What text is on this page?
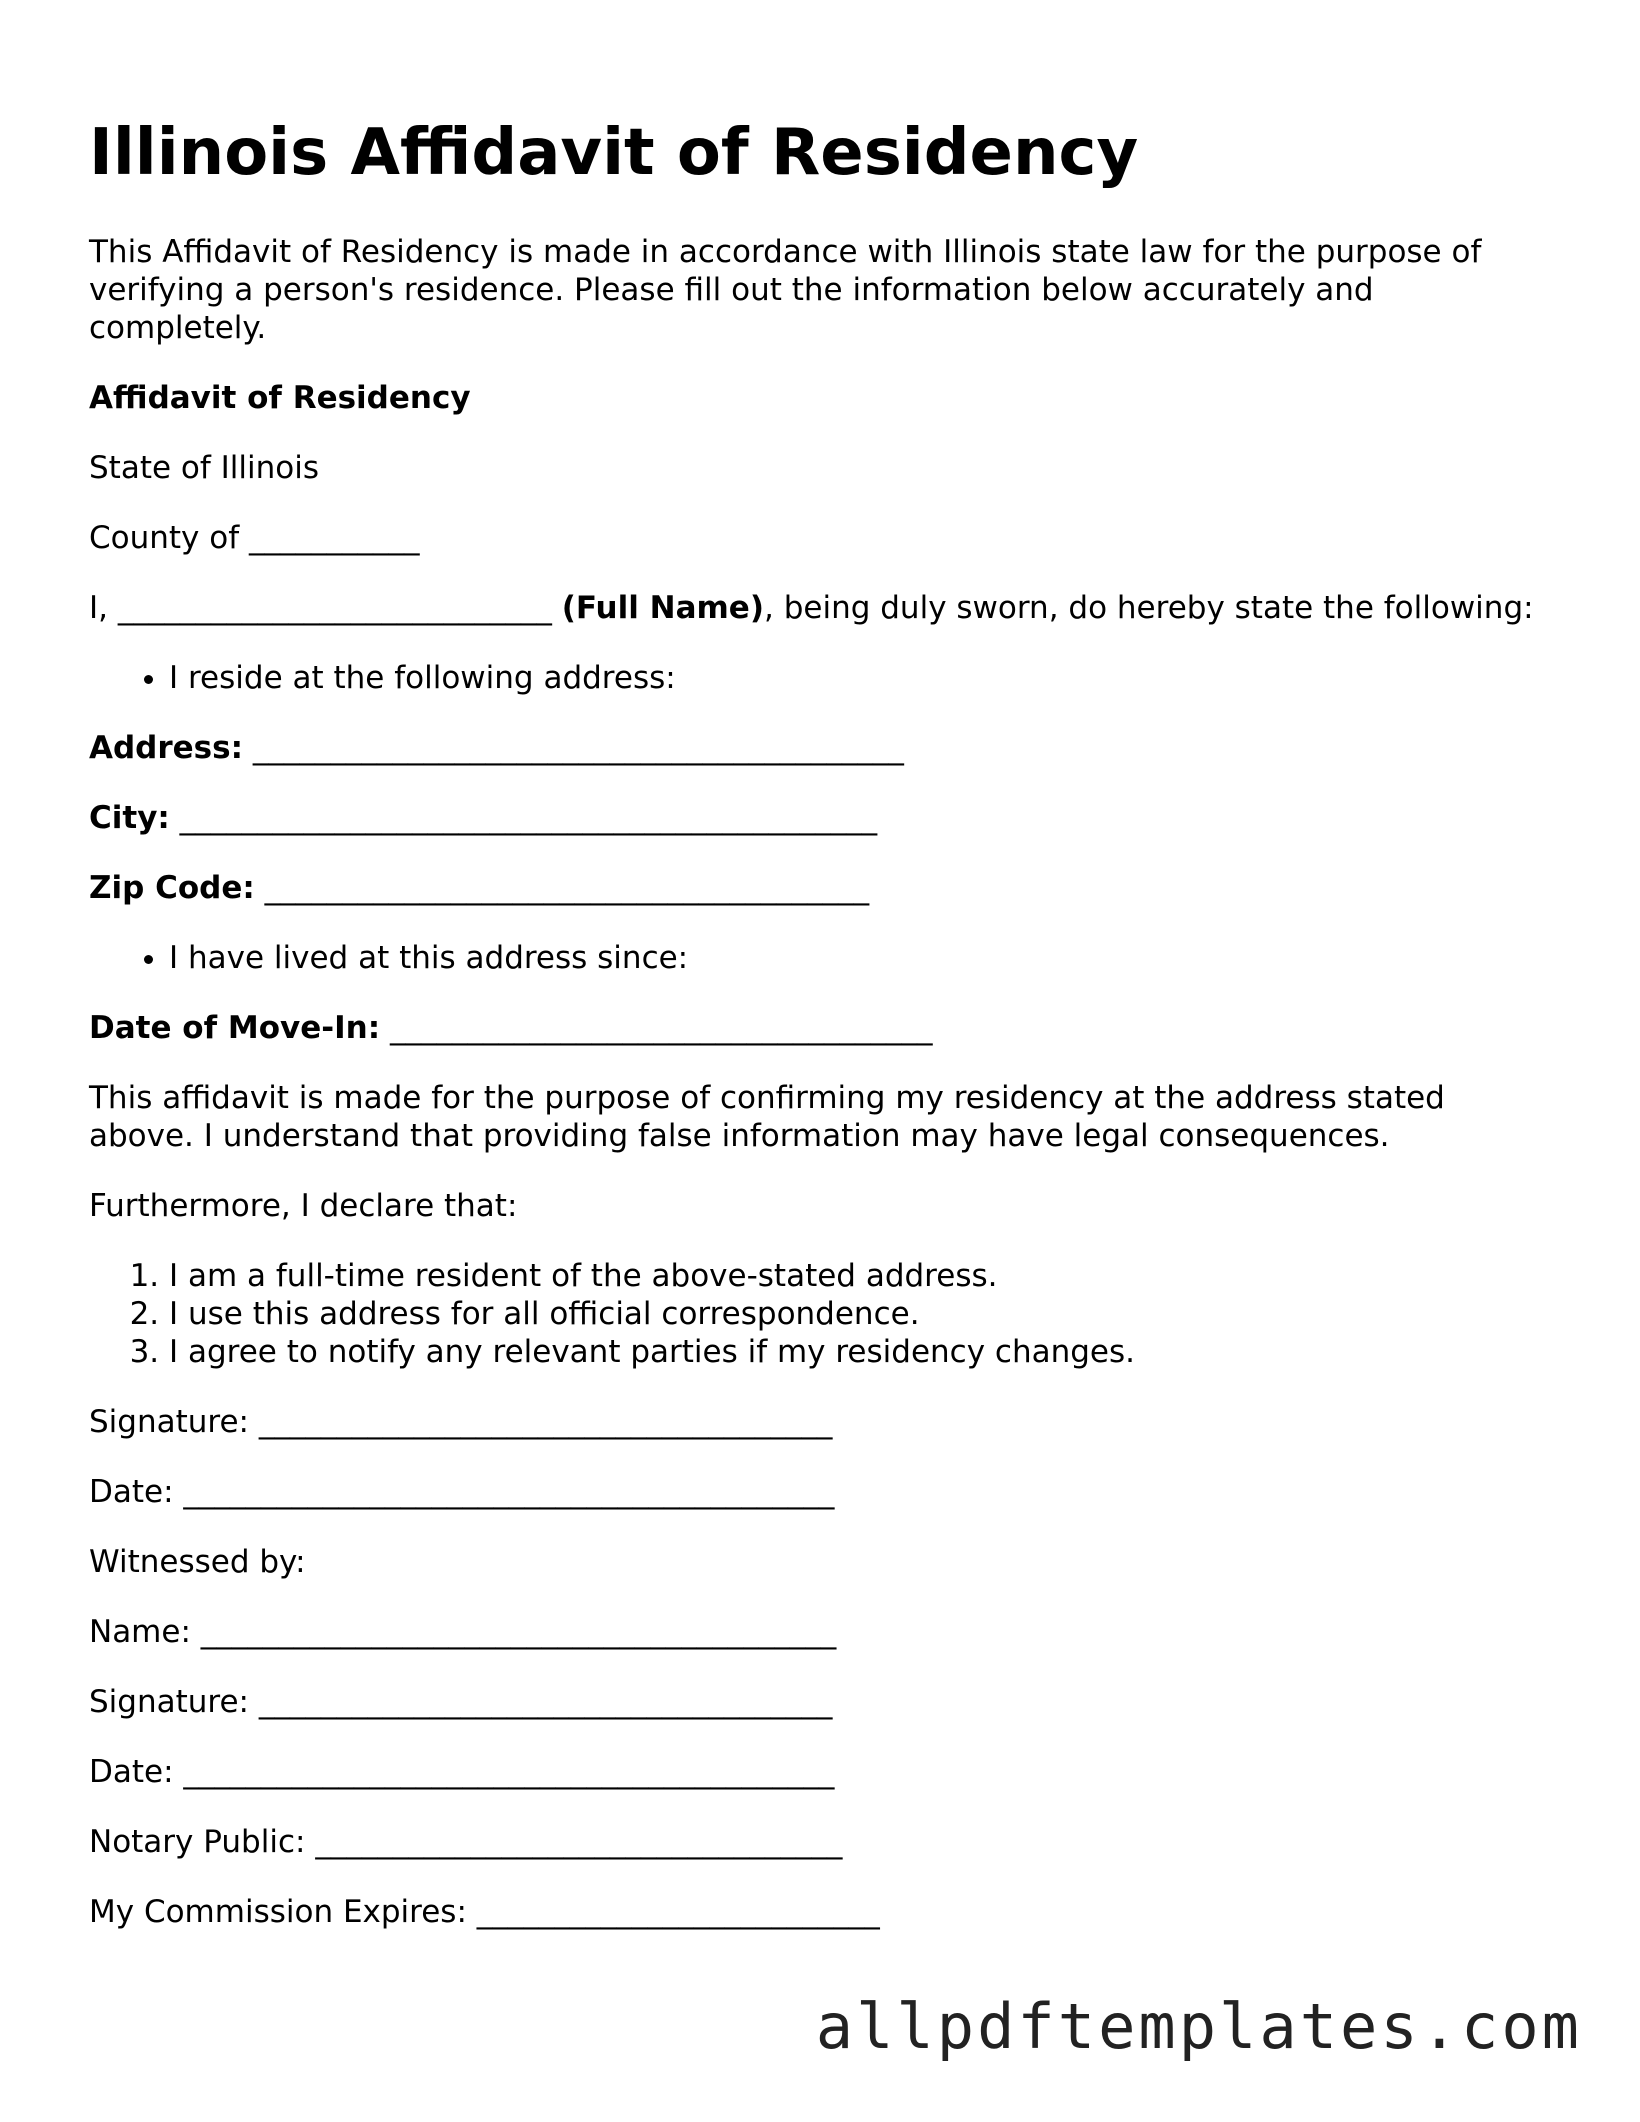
Illinois Affidavit of Residency

This Affidavit of Residency is made in accordance with Illinois state law for the purpose of verifying a person's residence. Please fill out the information below accurately and completely.

Affidavit of Residency

State of Illinois

County of ___________

I, ____________________________ (Full Name), being duly sworn, do hereby state the following:

• I reside at the following address:

Address: __________________________________________

City: _____________________________________________

Zip Code: _______________________________________

• I have lived at this address since:

Date of Move-In: ___________________________________

This affidavit is made for the purpose of confirming my residency at the address stated above. I understand that providing false information may have legal consequences.

Furthermore, I declare that:

1. I am a full-time resident of the above-stated address.
2. I use this address for all official correspondence.
3. I agree to notify any relevant parties if my residency changes.

Signature: _____________________________________

Date: __________________________________________

Witnessed by:

Name: _________________________________________

Signature: _____________________________________

Date: __________________________________________

Notary Public: __________________________________

My Commission Expires: __________________________

allpdftemplates.com
